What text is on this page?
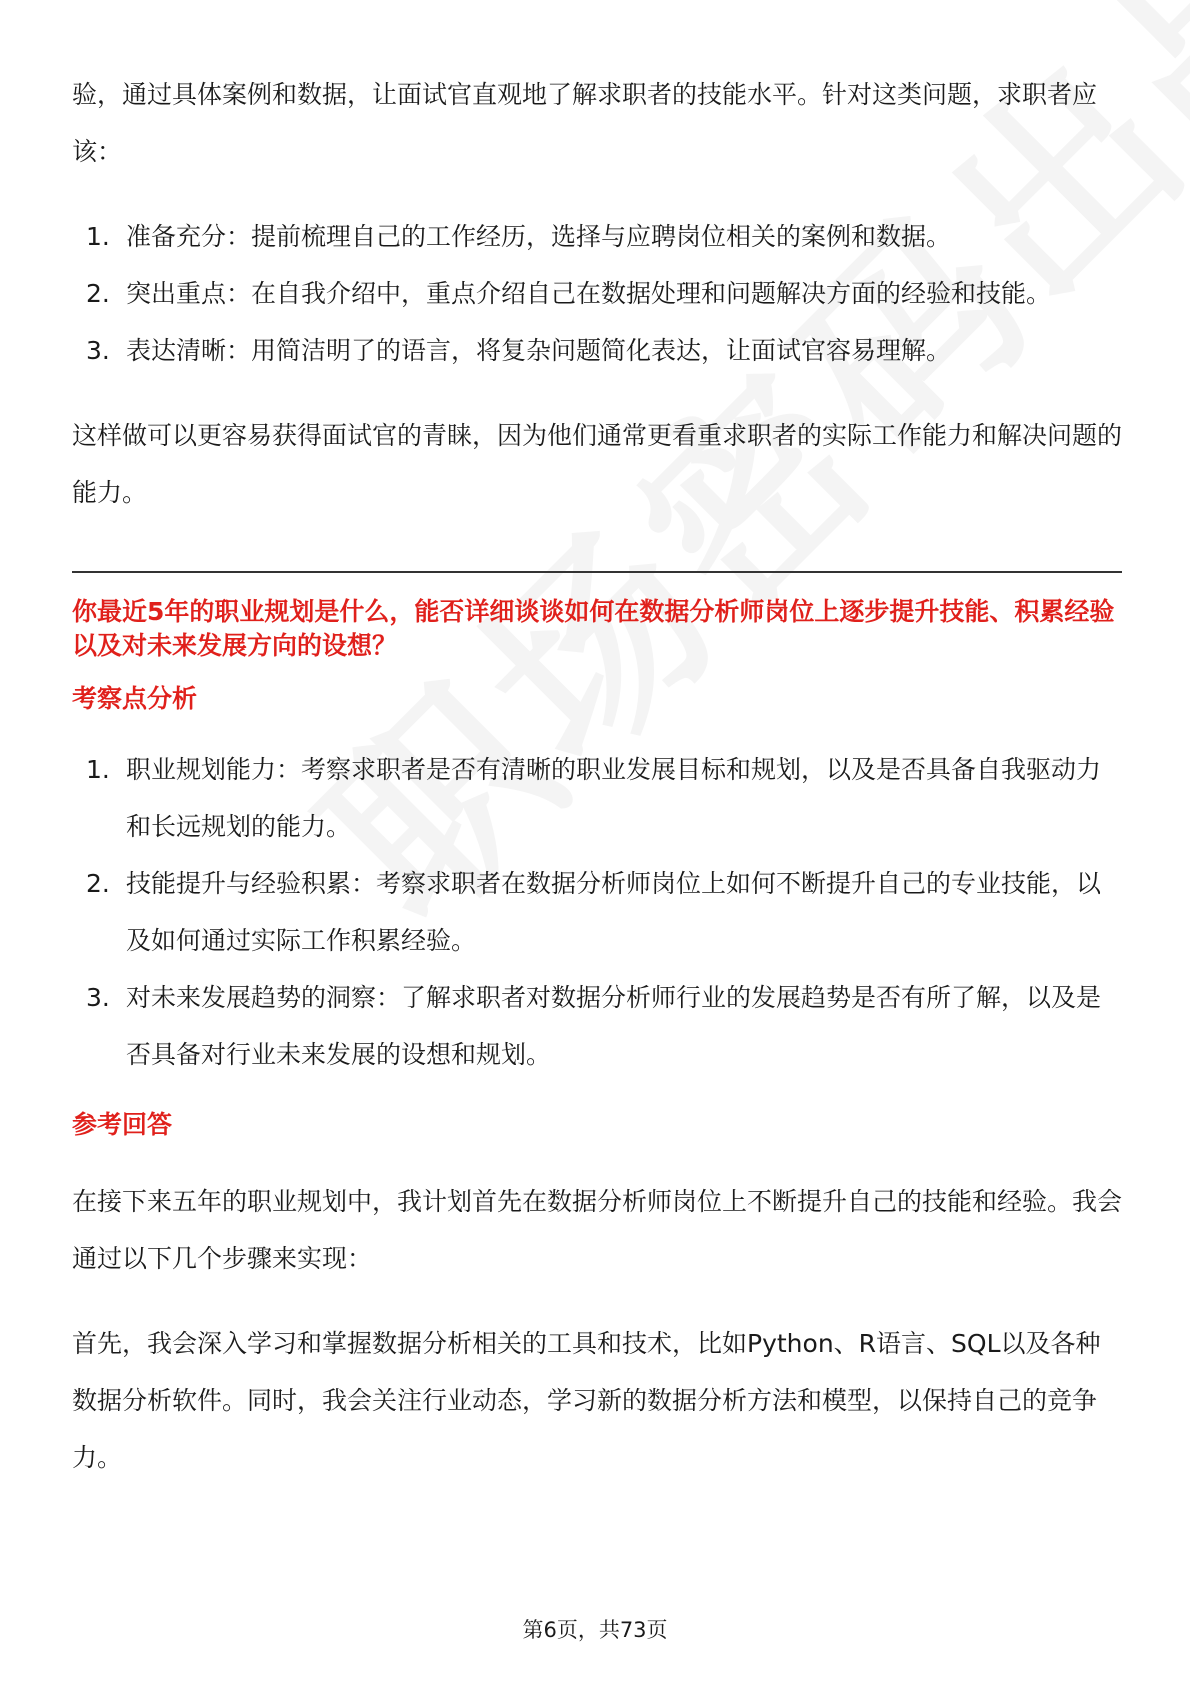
验，通过具体案例和数据，让面试官直观地了解求职者的技能水平。针对这类问题，求职者应该：

1. 准备充分：提前梳理自己的工作经历，选择与应聘岗位相关的案例和数据。
2. 突出重点：在自我介绍中，重点介绍自己在数据处理和问题解决方面的经验和技能。
3. 表达清晰：用简洁明了的语言，将复杂问题简化表达，让面试官容易理解。

这样做可以更容易获得面试官的青睐，因为他们通常更看重求职者的实际工作能力和解决问题的能力。

你最近5年的职业规划是什么，能否详细谈谈如何在数据分析师岗位上逐步提升技能、积累经验以及对未来发展方向的设想？

考察点分析

1. 职业规划能力：考察求职者是否有清晰的职业发展目标和规划，以及是否具备自我驱动力和长远规划的能力。
2. 技能提升与经验积累：考察求职者在数据分析师岗位上如何不断提升自己的专业技能，以及如何通过实际工作积累经验。
3. 对未来发展趋势的洞察：了解求职者对数据分析师行业的发展趋势是否有所了解，以及是否具备对行业未来发展的设想和规划。

参考回答

在接下来五年的职业规划中，我计划首先在数据分析师岗位上不断提升自己的技能和经验。我会通过以下几个步骤来实现：

首先，我会深入学习和掌握数据分析相关的工具和技术，比如Python、R语言、SQL以及各种数据分析软件。同时，我会关注行业动态，学习新的数据分析方法和模型，以保持自己的竞争力。

第6页，共73页
